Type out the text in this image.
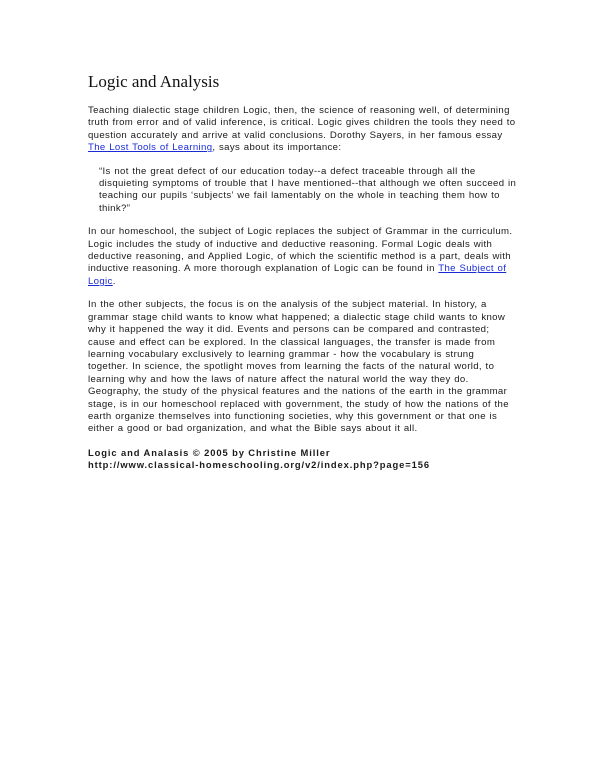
Logic and Analysis

Teaching dialectic stage children Logic, then, the science of reasoning well, of determining truth from error and of valid inference, is critical. Logic gives children the tools they need to question accurately and arrive at valid conclusions. Dorothy Sayers, in her famous essay The Lost Tools of Learning, says about its importance:

“Is not the great defect of our education today--a defect traceable through all the disquieting symptoms of trouble that I have mentioned--that although we often succeed in teaching our pupils ‘subjects’ we fail lamentably on the whole in teaching them how to think?”

In our homeschool, the subject of Logic replaces the subject of Grammar in the curriculum. Logic includes the study of inductive and deductive reasoning. Formal Logic deals with deductive reasoning, and Applied Logic, of which the scientific method is a part, deals with inductive reasoning. A more thorough explanation of Logic can be found in The Subject of Logic.

In the other subjects, the focus is on the analysis of the subject material. In history, a grammar stage child wants to know what happened; a dialectic stage child wants to know why it happened the way it did. Events and persons can be compared and contrasted; cause and effect can be explored. In the classical languages, the transfer is made from learning vocabulary exclusively to learning grammar - how the vocabulary is strung together. In science, the spotlight moves from learning the facts of the natural world, to learning why and how the laws of nature affect the natural world the way they do. Geography, the study of the physical features and the nations of the earth in the grammar stage, is in our homeschool replaced with government, the study of how the nations of the earth organize themselves into functioning societies, why this government or that one is either a good or bad organization, and what the Bible says about it all.

Logic and Analasis © 2005 by Christine Miller
http://www.classical-homeschooling.org/v2/index.php?page=156
